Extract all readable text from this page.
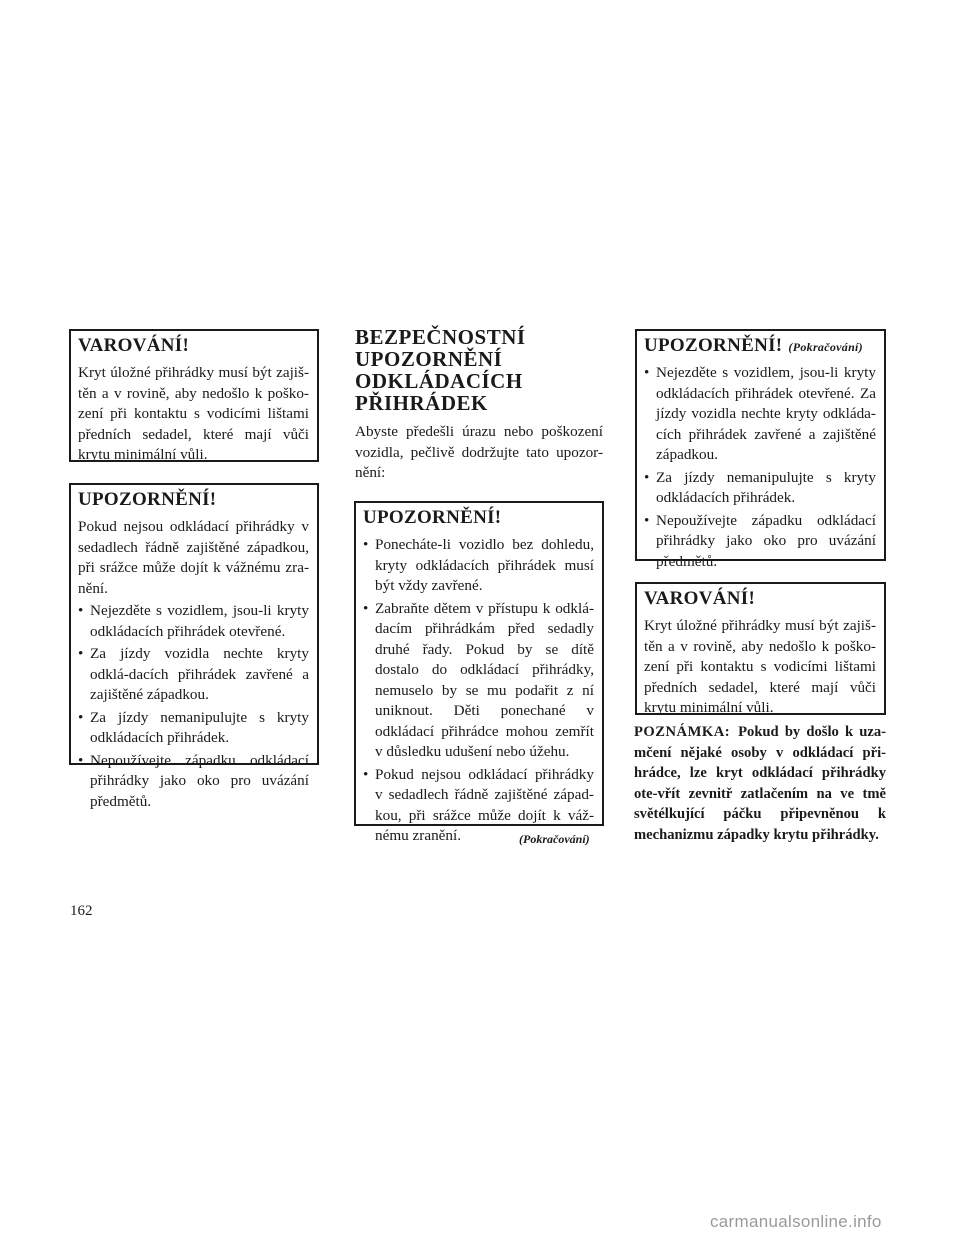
VAROVÁNÍ!

Kryt úložné přihrádky musí být zajiš-těn a v rovině, aby nedošlo k poško-zení při kontaktu s vodicími lištami předních sedadel, které mají vůči krytu minimální vůli.

UPOZORNĚNÍ!

Pokud nejsou odkládací přihrádky v sedadlech řádně zajištěné západkou, při srážce může dojít k vážnému zra-nění.

• Nejezděte s vozidlem, jsou-li kryty odkládacích přihrádek otevřené.
• Za jízdy vozidla nechte kryty odklá-dacích přihrádek zavřené a zajištěné západkou.
• Za jízdy nemanipulujte s kryty odkládacích přihrádek.
• Nepoužívejte západku odkládací přihrádky jako oko pro uvázání předmětů.
BEZPEČNOSTNÍ
UPOZORNĚNÍ
ODKLÁDACÍCH
PŘIHRÁDEK

Abyste předešli úrazu nebo poškození vozidla, pečlivě dodržujte tato upozor-nění:

UPOZORNĚNÍ!
• Ponecháte-li vozidlo bez dohledu, kryty odkládacích přihrádek musí být vždy zavřené.
• Zabraňte dětem v přístupu k odklá-dacím přihrádkám před sedadly druhé řady. Pokud by se dítě dostalo do odkládací přihrádky, nemuselo by se mu podařit z ní uniknout. Děti ponechané v odkládací přihrádce mohou zemřít v důsledku udušení nebo úžehu.
• Pokud nejsou odkládací přihrádky v sedadlech řádně zajištěné západ-kou, při srážce může dojít k váž-nému zranění.	(Pokračování)
UPOZORNĚNÍ! (Pokračování)
• Nejezděte s vozidlem, jsou-li kryty odkládacích přihrádek otevřené. Za jízdy vozidla nechte kryty odkláda-cích přihrádek zavřené a zajištěné západkou.
• Za jízdy nemanipulujte s kryty odkládacích přihrádek.
• Nepoužívejte západku odkládací přihrádky jako oko pro uvázání předmětů.
VAROVÁNÍ!

Kryt úložné přihrádky musí být zajiš-těn a v rovině, aby nedošlo k poško-zení při kontaktu s vodicími lištami předních sedadel, které mají vůči krytu minimální vůli.

POZNÁMKA: Pokud by došlo k uza-mčení nějaké osoby v odkládací při-hrádce, lze kryt odkládací přihrádky ote-vřít zevnitř zatlačením na ve tmě světélkující páčku připevněnou k mechanizmu západky krytu přihrádky.

162
carmanualsonline.info
